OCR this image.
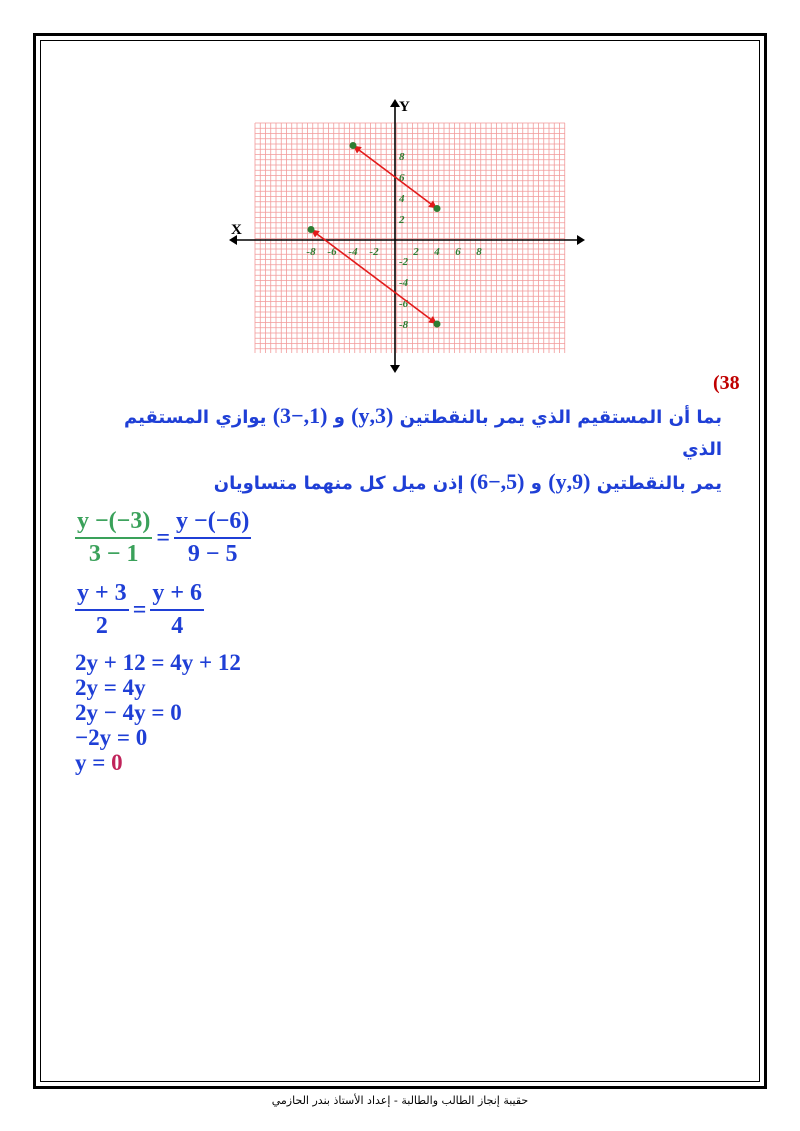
X
Y
-8 -6 -4 -2	2 4 6 8
8
6
4
2
-2
-4
-6
-8
(38
بما أن المستقيم الذي يمر بالنقطتين (3,y) و (1,−3) يوازي المستقيم الذي
يمر بالنقطتين (9,y) و (5,−6) إذن ميل كل منهما متساويان
$\frac{y -(-3)}{3 - 1} = \frac{y -(-6)}{9 - 5}$
$\frac{y + 3}{2} = \frac{y + 6}{4}$
2y + 12 = 4y + 12
2y = 4y
2y − 4y = 0
−2y = 0
y = 0
حقيبة إنجاز الطالب والطالبة - إعداد الأستاذ بندر الحازمي
